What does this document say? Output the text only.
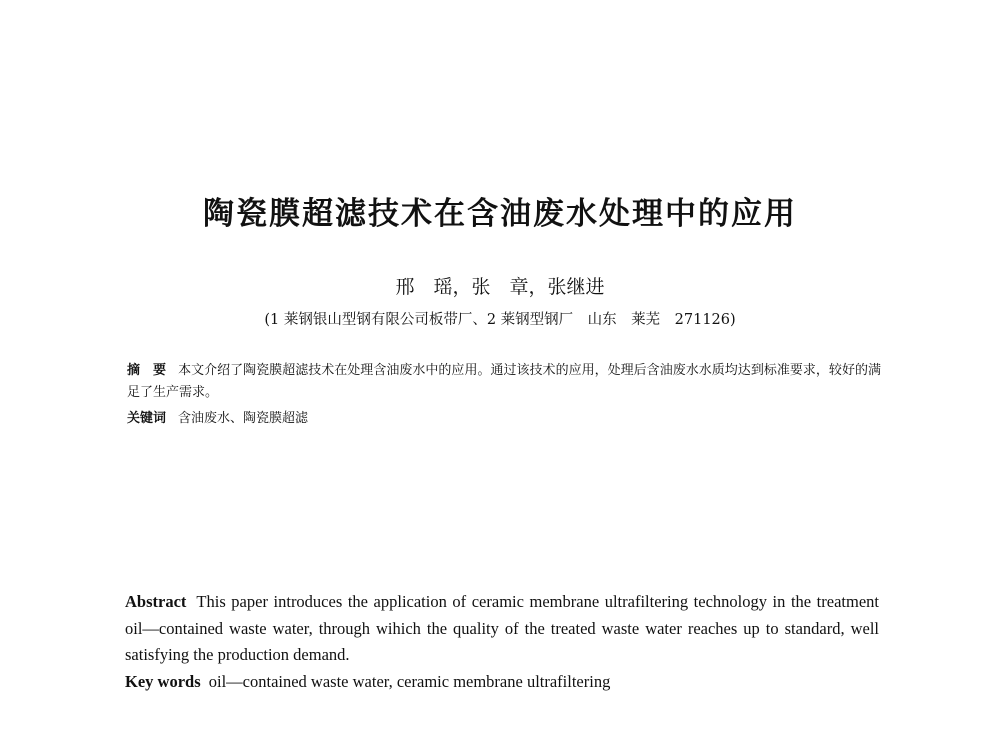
陶瓷膜超滤技术在含油废水处理中的应用
邢　瑶，张　章，张继进
(1 莱钢银山型钢有限公司板带厂、2 莱钢型钢厂　山东　莱芜　271126)
摘　要 本文介绍了陶瓷膜超滤技术在处理含油废水中的应用。通过该技术的应用，处理后含油废水水质均达到标准要求，较好的满足了生产需求。
关键词 含油废水、陶瓷膜超滤
Abstract This paper introduces the application of ceramic membrane ultrafiltering technology in the treatment oil—contained waste water, through wihich the quality of the treated waste water reaches up to standard, well satisfying the production demand.
Key words oil—contained waste water, ceramic membrane ultrafiltering
